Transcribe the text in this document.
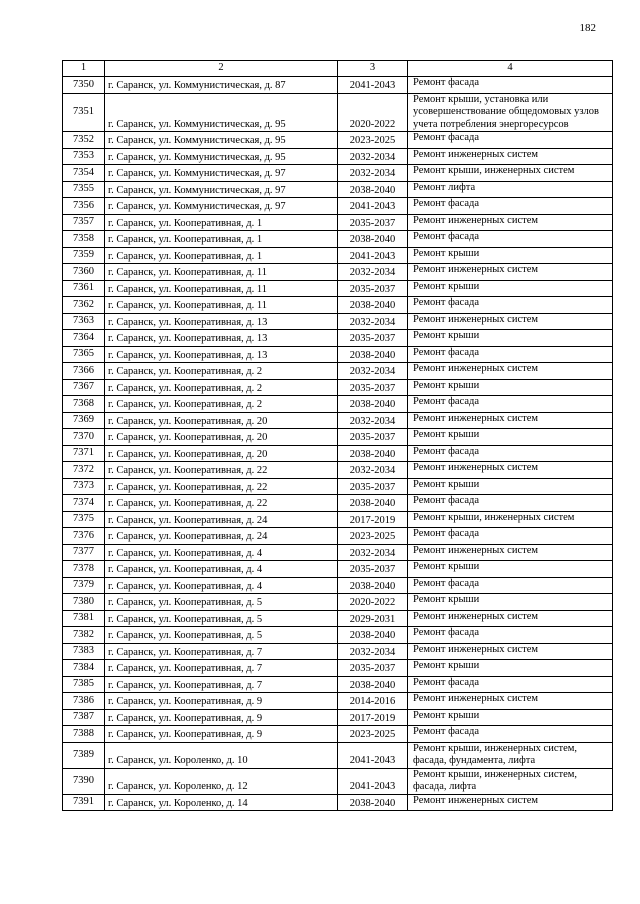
182
1	2	3	4
7350	г. Саранск, ул. Коммунистическая, д. 87	2041-2043	Ремонт фасада
7351	г. Саранск, ул. Коммунистическая, д. 95	2020-2022	Ремонт крыши, установка или усовершенствование общедомовых узлов учета потребления энергоресурсов
7352	г. Саранск, ул. Коммунистическая, д. 95	2023-2025	Ремонт фасада
7353	г. Саранск, ул. Коммунистическая, д. 95	2032-2034	Ремонт инженерных систем
7354	г. Саранск, ул. Коммунистическая, д. 97	2032-2034	Ремонт крыши, инженерных систем
7355	г. Саранск, ул. Коммунистическая, д. 97	2038-2040	Ремонт лифта
7356	г. Саранск, ул. Коммунистическая, д. 97	2041-2043	Ремонт фасада
7357	г. Саранск, ул. Кооперативная, д. 1	2035-2037	Ремонт инженерных систем
7358	г. Саранск, ул. Кооперативная, д. 1	2038-2040	Ремонт фасада
7359	г. Саранск, ул. Кооперативная, д. 1	2041-2043	Ремонт крыши
7360	г. Саранск, ул. Кооперативная, д. 11	2032-2034	Ремонт инженерных систем
7361	г. Саранск, ул. Кооперативная, д. 11	2035-2037	Ремонт крыши
7362	г. Саранск, ул. Кооперативная, д. 11	2038-2040	Ремонт фасада
7363	г. Саранск, ул. Кооперативная, д. 13	2032-2034	Ремонт инженерных систем
7364	г. Саранск, ул. Кооперативная, д. 13	2035-2037	Ремонт крыши
7365	г. Саранск, ул. Кооперативная, д. 13	2038-2040	Ремонт фасада
7366	г. Саранск, ул. Кооперативная, д. 2	2032-2034	Ремонт инженерных систем
7367	г. Саранск, ул. Кооперативная, д. 2	2035-2037	Ремонт крыши
7368	г. Саранск, ул. Кооперативная, д. 2	2038-2040	Ремонт фасада
7369	г. Саранск, ул. Кооперативная, д. 20	2032-2034	Ремонт инженерных систем
7370	г. Саранск, ул. Кооперативная, д. 20	2035-2037	Ремонт крыши
7371	г. Саранск, ул. Кооперативная, д. 20	2038-2040	Ремонт фасада
7372	г. Саранск, ул. Кооперативная, д. 22	2032-2034	Ремонт инженерных систем
7373	г. Саранск, ул. Кооперативная, д. 22	2035-2037	Ремонт крыши
7374	г. Саранск, ул. Кооперативная, д. 22	2038-2040	Ремонт фасада
7375	г. Саранск, ул. Кооперативная, д. 24	2017-2019	Ремонт крыши, инженерных систем
7376	г. Саранск, ул. Кооперативная, д. 24	2023-2025	Ремонт фасада
7377	г. Саранск, ул. Кооперативная, д. 4	2032-2034	Ремонт инженерных систем
7378	г. Саранск, ул. Кооперативная, д. 4	2035-2037	Ремонт крыши
7379	г. Саранск, ул. Кооперативная, д. 4	2038-2040	Ремонт фасада
7380	г. Саранск, ул. Кооперативная, д. 5	2020-2022	Ремонт крыши
7381	г. Саранск, ул. Кооперативная, д. 5	2029-2031	Ремонт инженерных систем
7382	г. Саранск, ул. Кооперативная, д. 5	2038-2040	Ремонт фасада
7383	г. Саранск, ул. Кооперативная, д. 7	2032-2034	Ремонт инженерных систем
7384	г. Саранск, ул. Кооперативная, д. 7	2035-2037	Ремонт крыши
7385	г. Саранск, ул. Кооперативная, д. 7	2038-2040	Ремонт фасада
7386	г. Саранск, ул. Кооперативная, д. 9	2014-2016	Ремонт инженерных систем
7387	г. Саранск, ул. Кооперативная, д. 9	2017-2019	Ремонт крыши
7388	г. Саранск, ул. Кооперативная, д. 9	2023-2025	Ремонт фасада
7389	г. Саранск, ул. Короленко, д. 10	2041-2043	Ремонт крыши, инженерных систем, фасада, фундамента, лифта
7390	г. Саранск, ул. Короленко, д. 12	2041-2043	Ремонт крыши, инженерных систем, фасада, лифта
7391	г. Саранск, ул. Короленко, д. 14	2038-2040	Ремонт инженерных систем
